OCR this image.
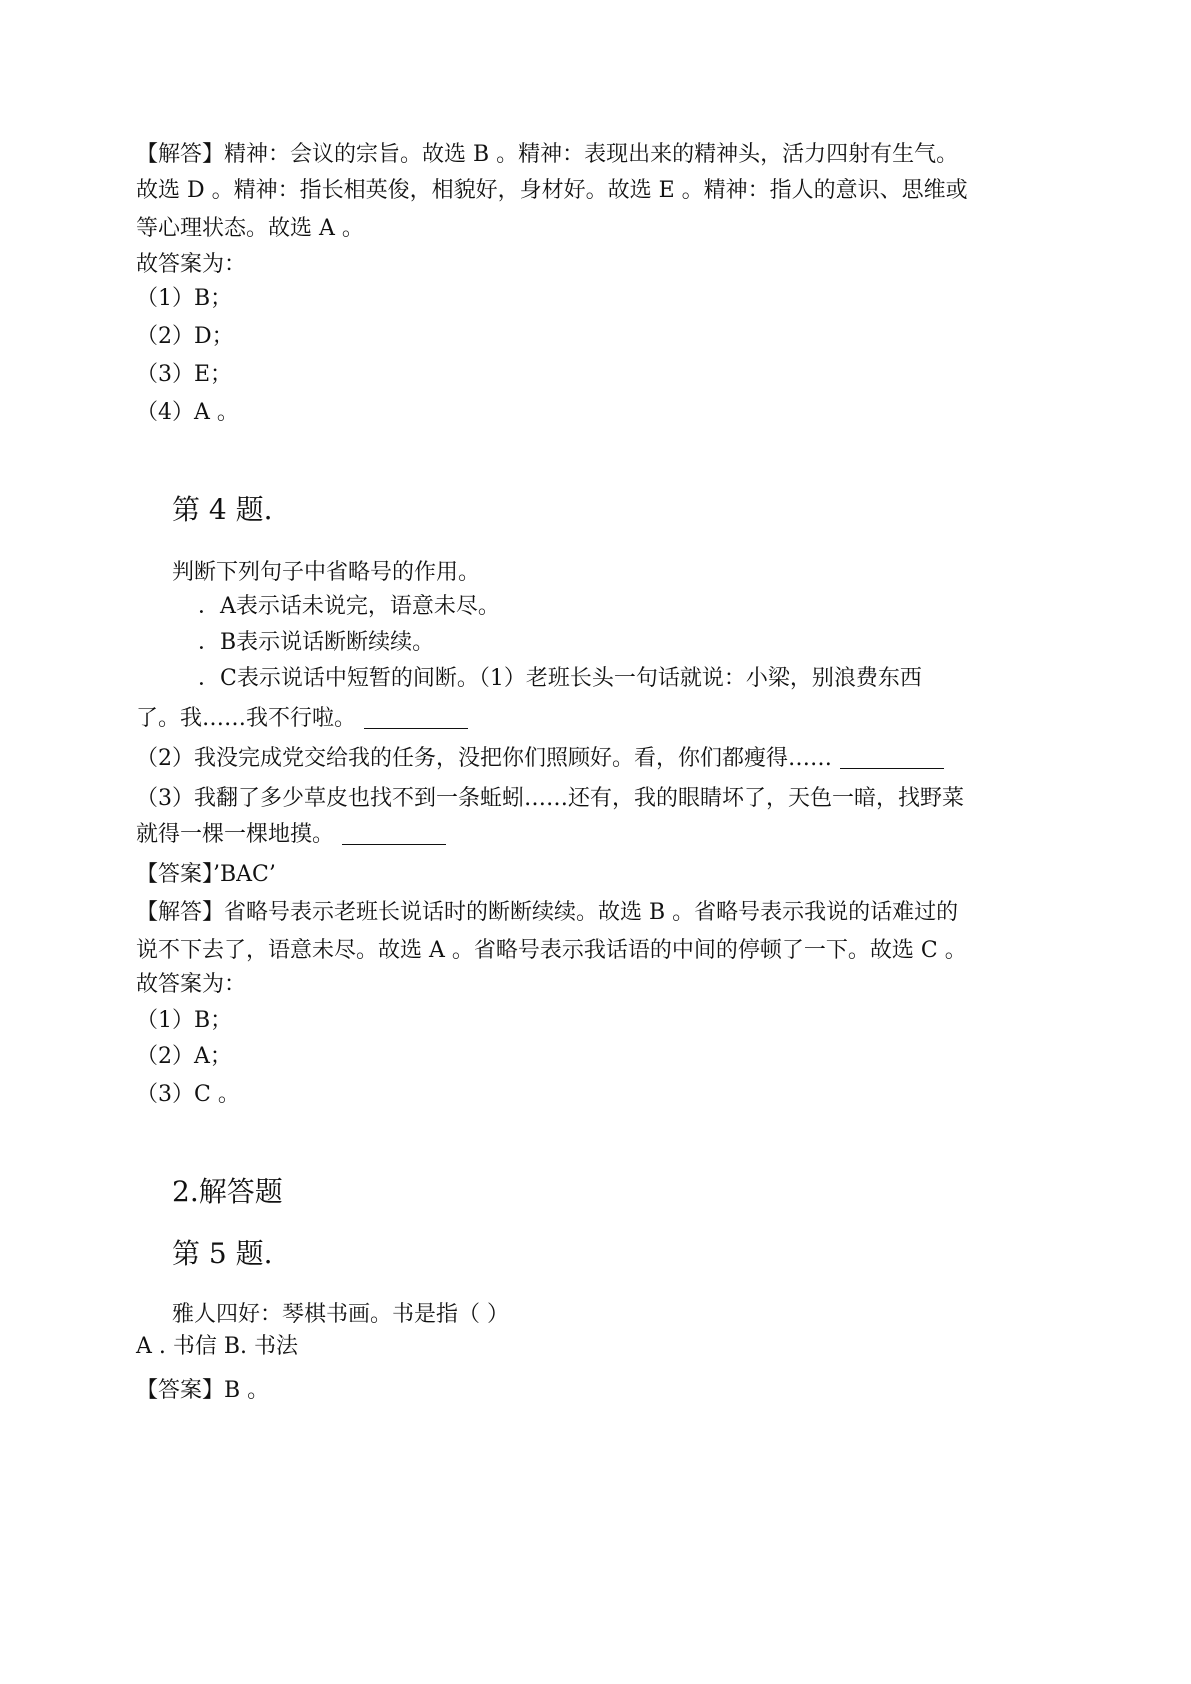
【解答】精神：会议的宗旨。故选 B 。精神：表现出来的精神头，活力四射有生气。
故选 D 。精神：指长相英俊，相貌好，身材好。故选 E 。精神：指人的意识、思维或
等心理状态。故选 A 。
故答案为：
（1）B；
（2）D；
（3）E；
（4）A 。
第 4 题.
判断下列句子中省略号的作用。
．A表示话未说完，语意未尽。
．B表示说话断断续续。
．C表示说话中短暂的间断。（1）老班长头一句话就说：小梁，别浪费东西
了。我……我不行啦。
（2）我没完成党交给我的任务，没把你们照顾好。看，你们都瘦得……
（3）我翻了多少草皮也找不到一条蚯蚓……还有，我的眼睛坏了，天色一暗，找野菜
就得一棵一棵地摸。
【答案】’BAC’
【解答】省略号表示老班长说话时的断断续续。故选 B 。省略号表示我说的话难过的
说不下去了，语意未尽。故选 A 。省略号表示我话语的中间的停顿了一下。故选 C 。
故答案为：
（1）B；
（2）A；
（3）C 。
2.解答题
第 5 题.
雅人四好：琴棋书画。书是指（ ）
A . 书信 B. 书法
【答案】B 。
